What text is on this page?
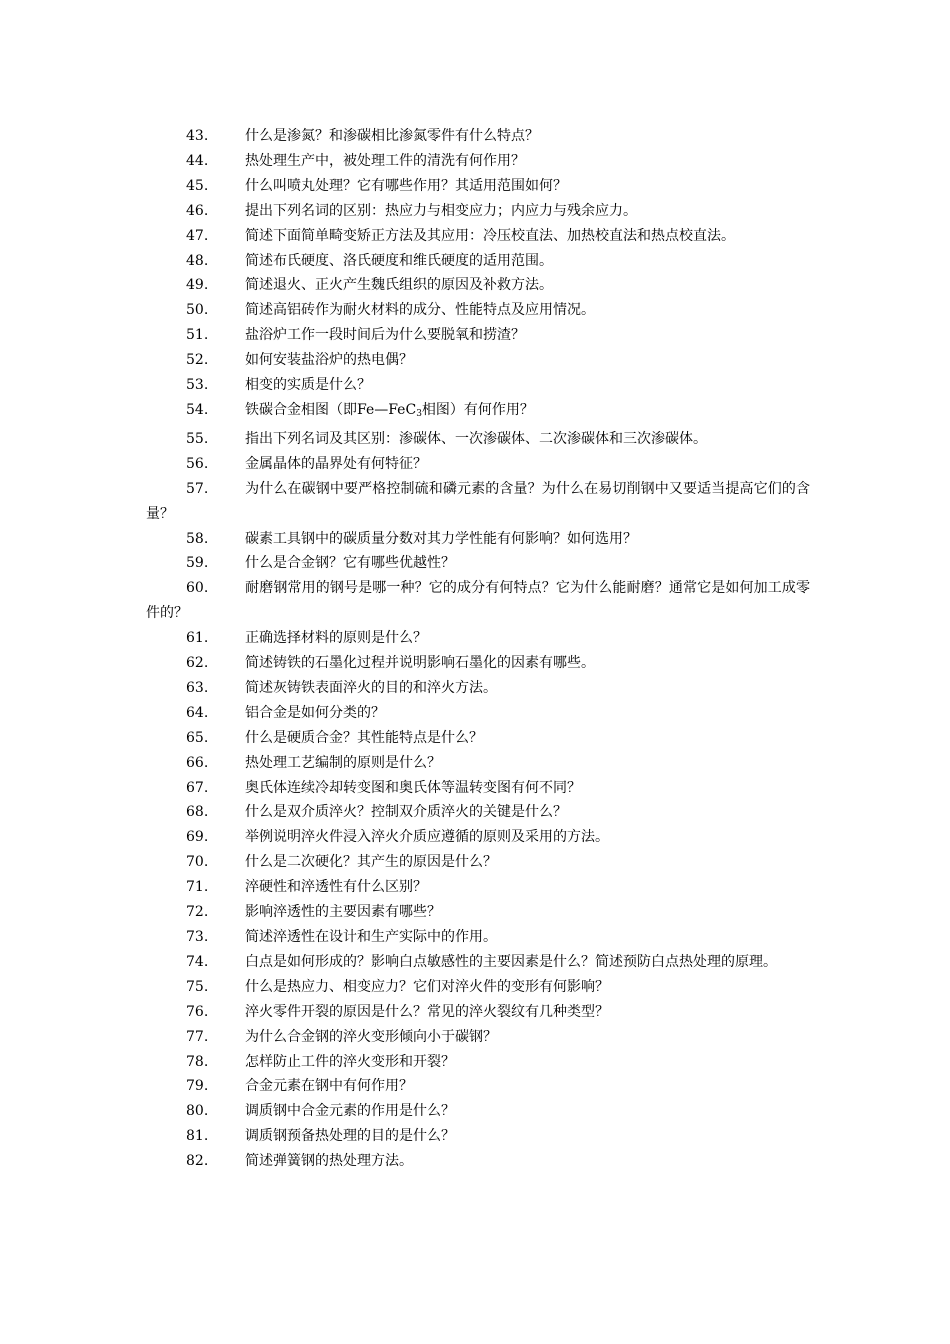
43.	什么是渗氮？和渗碳相比渗氮零件有什么特点？
44.	热处理生产中，被处理工件的清洗有何作用？
45.	什么叫喷丸处理？它有哪些作用？其适用范围如何？
46.	提出下列名词的区别：热应力与相变应力；内应力与残余应力。
47.	简述下面简单畸变矫正方法及其应用：冷压校直法、加热校直法和热点校直法。
48.	简述布氏硬度、洛氏硬度和维氏硬度的适用范围。
49.	简述退火、正火产生魏氏组织的原因及补救方法。
50.	简述高铝砖作为耐火材料的成分、性能特点及应用情况。
51.	盐浴炉工作一段时间后为什么要脱氧和捞渣？
52.	如何安装盐浴炉的热电偶？
53.	相变的实质是什么？
54.	铁碳合金相图（即Fe—FeC$_3$相图）有何作用？
55.	指出下列名词及其区别：渗碳体、一次渗碳体、二次渗碳体和三次渗碳体。
56.	金属晶体的晶界处有何特征？
57.	为什么在碳钢中要严格控制硫和磷元素的含量？为什么在易切削钢中又要适当提高它们的含量？
58.	碳素工具钢中的碳质量分数对其力学性能有何影响？如何选用？
59.	什么是合金钢？它有哪些优越性？
60.	耐磨钢常用的钢号是哪一种？它的成分有何特点？它为什么能耐磨？通常它是如何加工成零件的？
61.	正确选择材料的原则是什么？
62.	简述铸铁的石墨化过程并说明影响石墨化的因素有哪些。
63.	简述灰铸铁表面淬火的目的和淬火方法。
64.	铝合金是如何分类的？
65.	什么是硬质合金？其性能特点是什么？
66.	热处理工艺编制的原则是什么？
67.	奥氏体连续冷却转变图和奥氏体等温转变图有何不同？
68.	什么是双介质淬火？控制双介质淬火的关键是什么？
69.	举例说明淬火件浸入淬火介质应遵循的原则及采用的方法。
70.	什么是二次硬化？其产生的原因是什么？
71.	淬硬性和淬透性有什么区别？
72.	影响淬透性的主要因素有哪些？
73.	简述淬透性在设计和生产实际中的作用。
74.	白点是如何形成的？影响白点敏感性的主要因素是什么？简述预防白点热处理的原理。
75.	什么是热应力、相变应力？它们对淬火件的变形有何影响？
76.	淬火零件开裂的原因是什么？常见的淬火裂纹有几种类型？
77.	为什么合金钢的淬火变形倾向小于碳钢？
78.	怎样防止工件的淬火变形和开裂？
79.	合金元素在钢中有何作用？
80.	调质钢中合金元素的作用是什么？
81.	调质钢预备热处理的目的是什么？
82.	简述弹簧钢的热处理方法。
